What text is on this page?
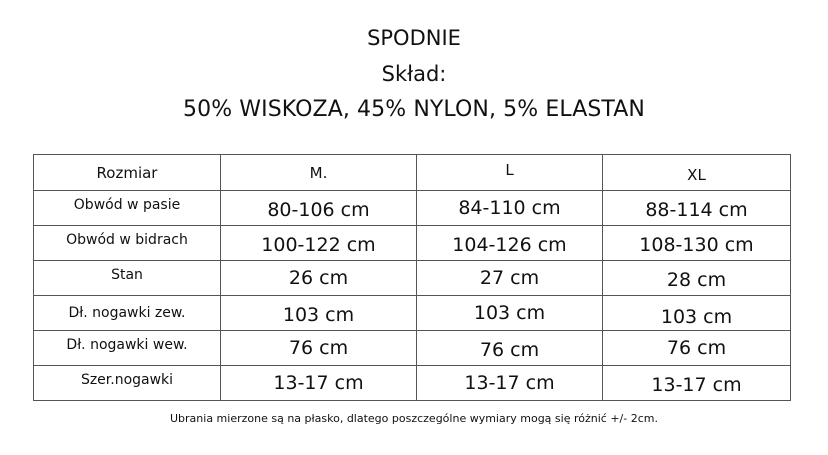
SPODNIE
Skład:
50% WISKOZA, 45% NYLON, 5% ELASTAN
Rozmiar	M.	L	XL
Obwód w pasie	80-106 cm	84-110 cm	88-114 cm
Obwód w bidrach	100-122 cm	104-126 cm	108-130 cm
Stan	26 cm	27 cm	28 cm
Dł. nogawki zew.	103 cm	103 cm	103 cm
Dł. nogawki wew.	76 cm	76 cm	76 cm
Szer.nogawki	13-17 cm	13-17 cm	13-17 cm
Ubrania mierzone są na płasko, dlatego poszczególne wymiary mogą się różnić +/- 2cm.
